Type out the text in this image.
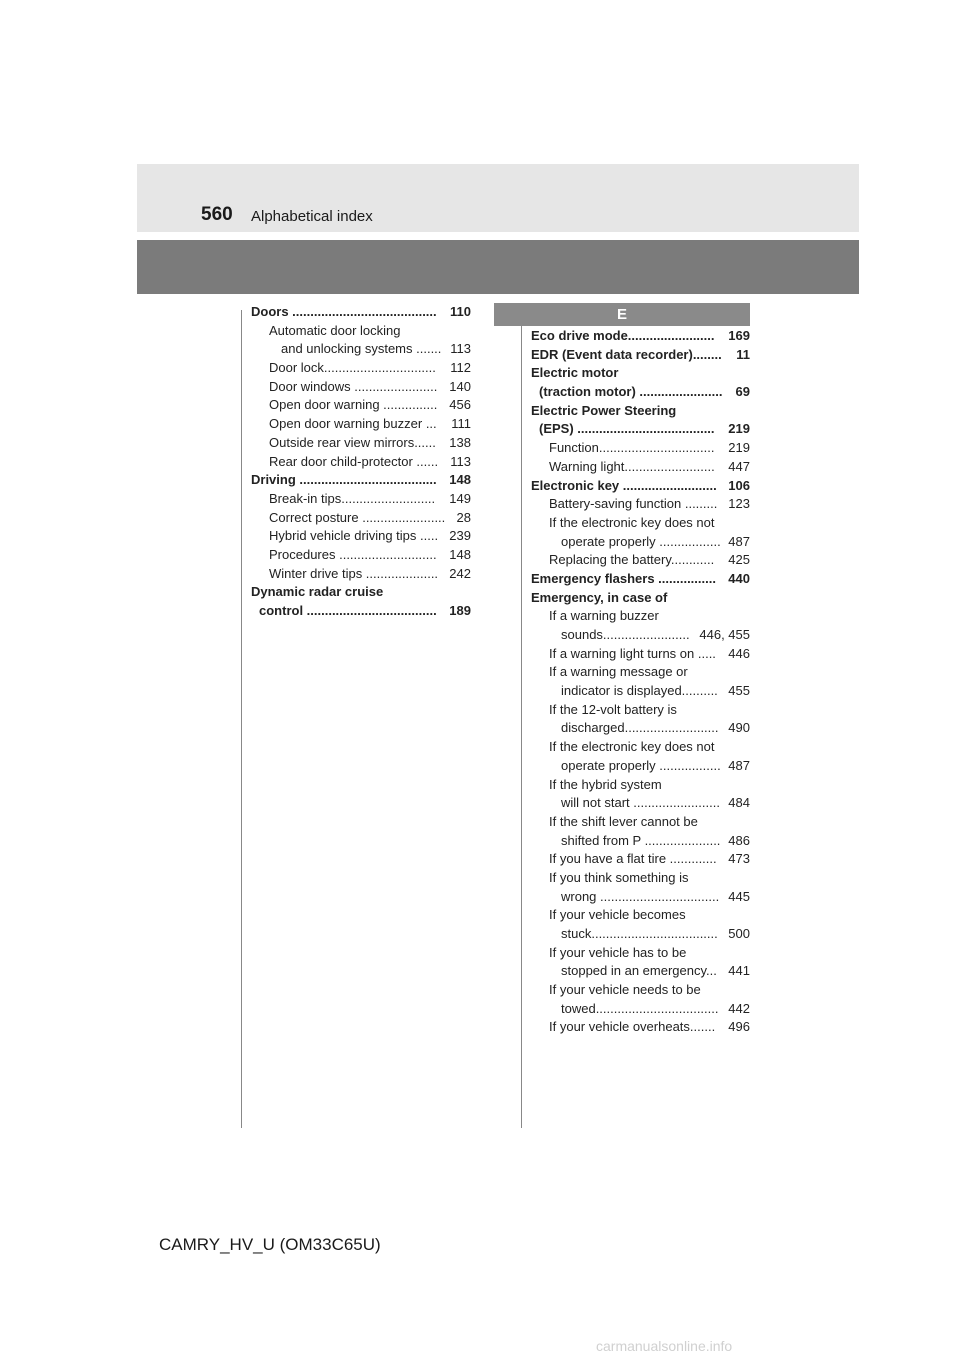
560 Alphabetical index
Doors ........................................ 110
Automatic door locking
and unlocking systems ....... 113
Door lock............................... 112
Door windows ....................... 140
Open door warning ............... 456
Open door warning buzzer ... 111
Outside rear view mirrors...... 138
Rear door child-protector ...... 113
Driving ...................................... 148
Break-in tips.......................... 149
Correct posture ....................... 28
Hybrid vehicle driving tips ..... 239
Procedures ........................... 148
Winter drive tips .................... 242
Dynamic radar cruise
control .................................... 189
E
Eco drive mode........................ 169
EDR (Event data recorder)........ 11
Electric motor
(traction motor) ....................... 69
Electric Power Steering
(EPS) ...................................... 219
Function................................ 219
Warning light......................... 447
Electronic key .......................... 106
Battery-saving function ......... 123
If the electronic key does not
operate properly ................. 487
Replacing the battery............ 425
Emergency flashers ................ 440
Emergency, in case of
If a warning buzzer
sounds........................ 446, 455
If a warning light turns on ..... 446
If a warning message or
indicator is displayed.......... 455
If the 12-volt battery is
discharged.......................... 490
If the electronic key does not
operate properly ................. 487
If the hybrid system
will not start ........................ 484
If the shift lever cannot be
shifted from P ..................... 486
If you have a flat tire ............. 473
If you think something is
wrong ................................. 445
If your vehicle becomes
stuck................................... 500
If your vehicle has to be
stopped in an emergency... 441
If your vehicle needs to be
towed.................................. 442
If your vehicle overheats....... 496
CAMRY_HV_U (OM33C65U)
carmanualsonline.info
